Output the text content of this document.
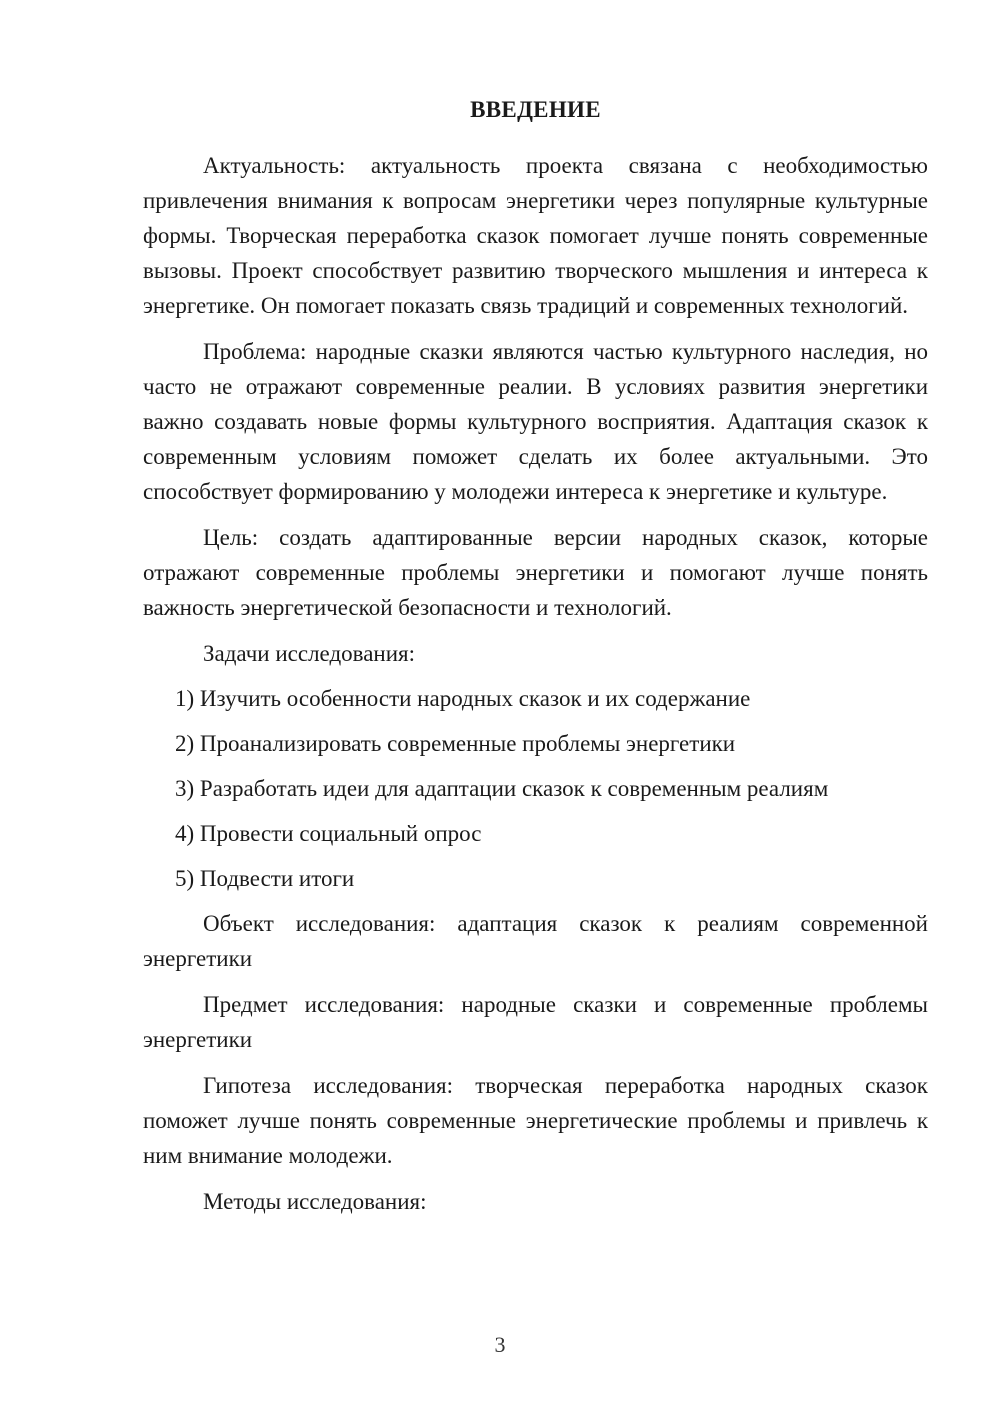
ВВЕДЕНИЕ

Актуальность: актуальность проекта связана с необходимостью привлечения внимания к вопросам энергетики через популярные культурные формы. Творческая переработка сказок помогает лучше понять современные вызовы. Проект способствует развитию творческого мышления и интереса к энергетике. Он помогает показать связь традиций и современных технологий.

Проблема: народные сказки являются частью культурного наследия, но часто не отражают современные реалии. В условиях развития энергетики важно создавать новые формы культурного восприятия. Адаптация сказок к современным условиям поможет сделать их более актуальными. Это способствует формированию у молодежи интереса к энергетике и культуре.

Цель: создать адаптированные версии народных сказок, которые отражают современные проблемы энергетики и помогают лучше понять важность энергетической безопасности и технологий.

Задачи исследования:

1) Изучить особенности народных сказок и их содержание
2) Проанализировать современные проблемы энергетики
3) Разработать идеи для адаптации сказок к современным реалиям
4) Провести социальный опрос
5) Подвести итоги

Объект исследования: адаптация сказок к реалиям современной энергетики

Предмет исследования: народные сказки и современные проблемы энергетики

Гипотеза исследования: творческая переработка народных сказок поможет лучше понять современные энергетические проблемы и привлечь к ним внимание молодежи.

Методы исследования:

3
